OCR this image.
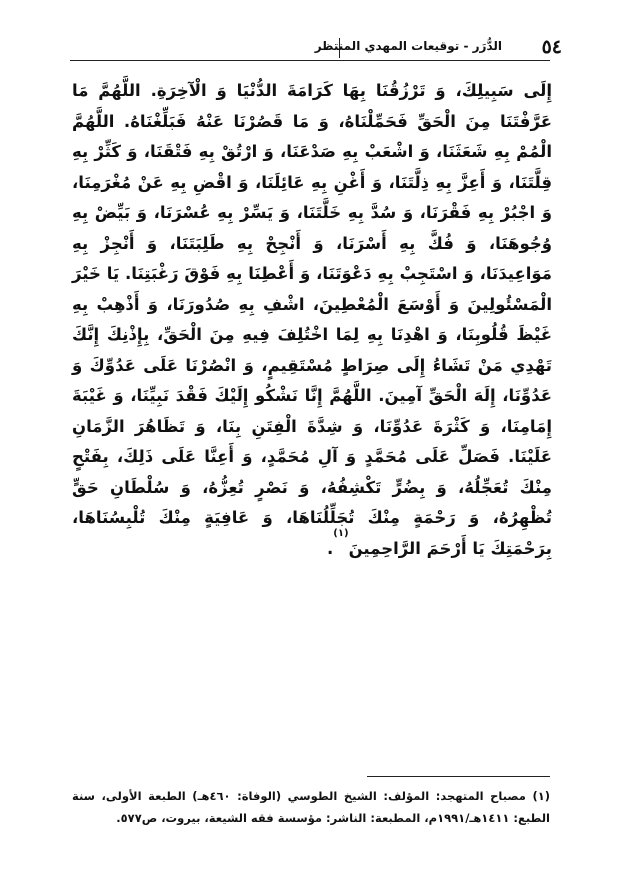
٥٤
الدُّرَر - توقيعات المهدي المنتظر
إِلَى سَبِيلِكَ، وَ تَرْزُقُنَا بِهَا كَرَامَةَ الدُّنْيَا وَ الْآخِرَةِ. اللَّهُمَّ مَا عَرَّفْتَنَا مِنَ الْحَقِّ فَحَمِّلْنَاهُ، وَ مَا قَصُرْنَا عَنْهُ فَبَلِّغْنَاهُ. اللَّهُمَّ الْمُمْ بِهِ شَعَثَنَا، وَ اشْعَبْ بِهِ صَدْعَنَا، وَ ارْتُقْ بِهِ فَتْقَنَا، وَ كَثِّرْ بِهِ قِلَّتَنَا، وَ أَعِزَّ بِهِ ذِلَّتَنَا، وَ أَغْنِ بِهِ عَائِلَنَا، وَ اقْضِ بِهِ عَنْ مُغْرَمِنَا، وَ اجْبُرْ بِهِ فَقْرَنَا، وَ سُدَّ بِهِ خَلَّتَنَا، وَ يَسِّرْ بِهِ عُسْرَنَا، وَ بَيِّضْ بِهِ وُجُوهَنَا، وَ فُكَّ بِهِ أَسْرَنَا، وَ أَنْجِحْ بِهِ طَلِبَتَنَا، وَ أَنْجِزْ بِهِ مَوَاعِيدَنَا، وَ اسْتَجِبْ بِهِ دَعْوَتَنَا، وَ أَعْطِنَا بِهِ فَوْقَ رَغْبَتِنَا. يَا خَيْرَ الْمَسْئُولِينَ وَ أَوْسَعَ الْمُعْطِينَ، اشْفِ بِهِ صُدُورَنَا، وَ أَذْهِبْ بِهِ غَيْظَ قُلُوبِنَا، وَ اهْدِنَا بِهِ لِمَا اخْتُلِفَ فِيهِ مِنَ الْحَقِّ، بِإِذْنِكَ إِنَّكَ تَهْدِي مَنْ تَشَاءُ إِلَى صِرَاطٍ مُسْتَقِيمٍ، وَ انْصُرْنَا عَلَى عَدُوِّكَ وَ عَدُوِّنَا، إِلَهَ الْحَقِّ آمِينَ. اللَّهُمَّ إِنَّا نَشْكُو إِلَيْكَ فَقْدَ نَبِيِّنَا، وَ غَيْبَةَ إِمَامِنَا، وَ كَثْرَةَ عَدُوِّنَا، وَ شِدَّةَ الْفِتَنِ بِنَا، وَ تَظَاهُرَ الزَّمَانِ عَلَيْنَا. فَصَلِّ عَلَى مُحَمَّدٍ وَ آلِ مُحَمَّدٍ، وَ أَعِنَّا عَلَى ذَلِكَ، بِفَتْحٍ مِنْكَ تُعَجِّلُهُ، وَ بِضُرٍّ تَكْشِفُهُ، وَ نَصْرٍ تُعِزُّهُ، وَ سُلْطَانِ حَقٍّ تُظْهِرُهُ، وَ رَحْمَةٍ مِنْكَ تُجَلِّلُنَاهَا، وَ عَافِيَةٍ مِنْكَ تُلْبِسُنَاهَا، بِرَحْمَتِكَ يَا أَرْحَمَ الرَّاحِمِينَ$^{(١)}$.
(١) مصباح المتهجد: المؤلف: الشيخ الطوسي (الوفاة: ٤٦٠هـ) الطبعة الأولى، سنة الطبع: ١٤١١هـ/١٩٩١م، المطبعة: الناشر: مؤسسة فقه الشيعة، بيروت، ص٥٧٧.
